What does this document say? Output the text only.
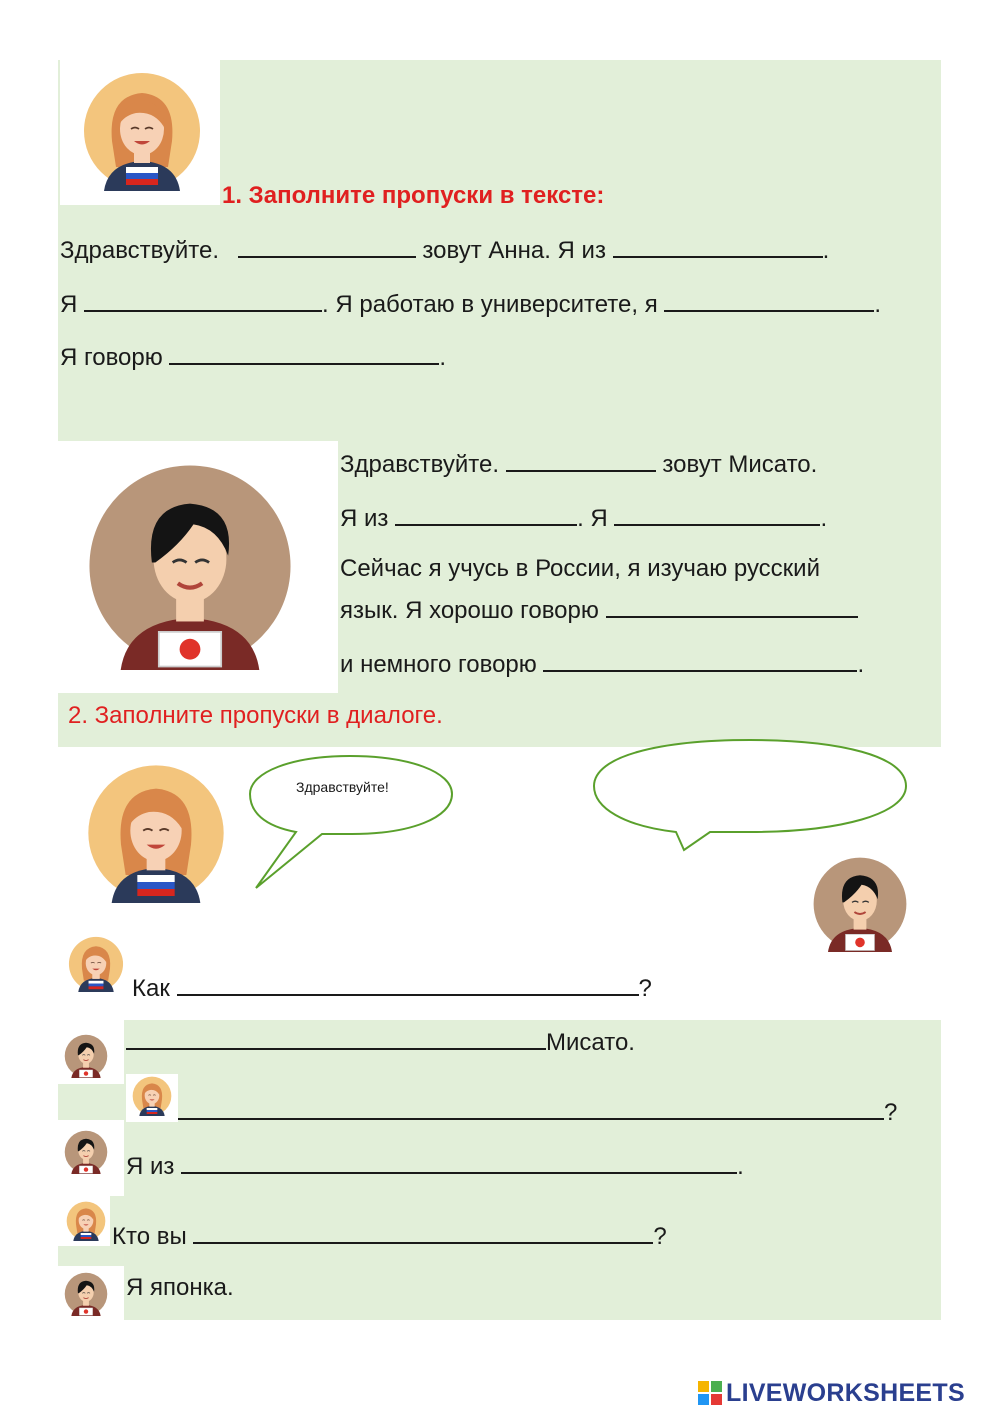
1. Заполните пропуски в тексте:
Здравствуйте.	зовут Анна. Я из	.
Я	. Я работаю в университете, я	.
Я говорю	.
Здравствуйте.	зовут Мисато.
Я из	. Я	.
Сейчас я учусь в России, я изучаю русский
язык. Я хорошо говорю
и немного говорю	.
2. Заполните пропуски в диалоге.
Здравствуйте!
Как	?
Мисато.
?
Я из	.
Кто вы	?
Я японка.
LIVEWORKSHEETS
